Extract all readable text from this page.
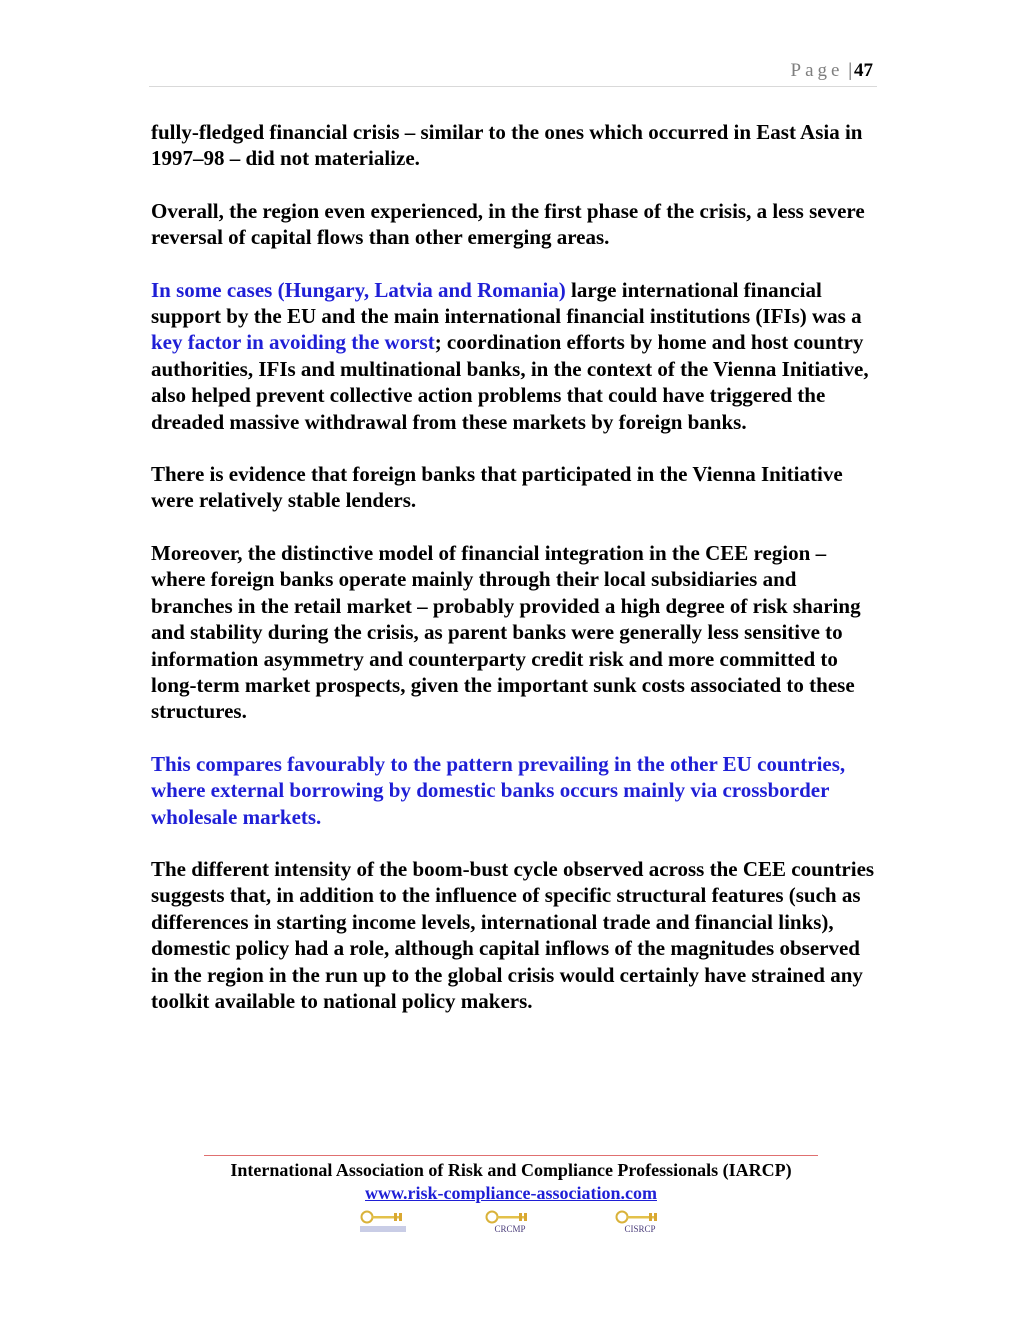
Page | 47

fully-fledged financial crisis – similar to the ones which occurred in East Asia in 1997–98 – did not materialize.

Overall, the region even experienced, in the first phase of the crisis, a less severe reversal of capital flows than other emerging areas.

In some cases (Hungary, Latvia and Romania) large international financial support by the EU and the main international financial institutions (IFIs) was a key factor in avoiding the worst; coordination efforts by home and host country authorities, IFIs and multinational banks, in the context of the Vienna Initiative, also helped prevent collective action problems that could have triggered the dreaded massive withdrawal from these markets by foreign banks.

There is evidence that foreign banks that participated in the Vienna Initiative were relatively stable lenders.

Moreover, the distinctive model of financial integration in the CEE region – where foreign banks operate mainly through their local subsidiaries and branches in the retail market – probably provided a high degree of risk sharing and stability during the crisis, as parent banks were generally less sensitive to information asymmetry and counterparty credit risk and more committed to long-term market prospects, given the important sunk costs associated to these structures.

This compares favourably to the pattern prevailing in the other EU countries, where external borrowing by domestic banks occurs mainly via crossborder wholesale markets.

The different intensity of the boom-bust cycle observed across the CEE countries suggests that, in addition to the influence of specific structural features (such as differences in starting income levels, international trade and financial links), domestic policy had a role, although capital inflows of the magnitudes observed in the region in the run up to the global crisis would certainly have strained any toolkit available to national policy makers.

International Association of Risk and Compliance Professionals (IARCP)
www.risk-compliance-association.com
CRCMP	CISRCP
